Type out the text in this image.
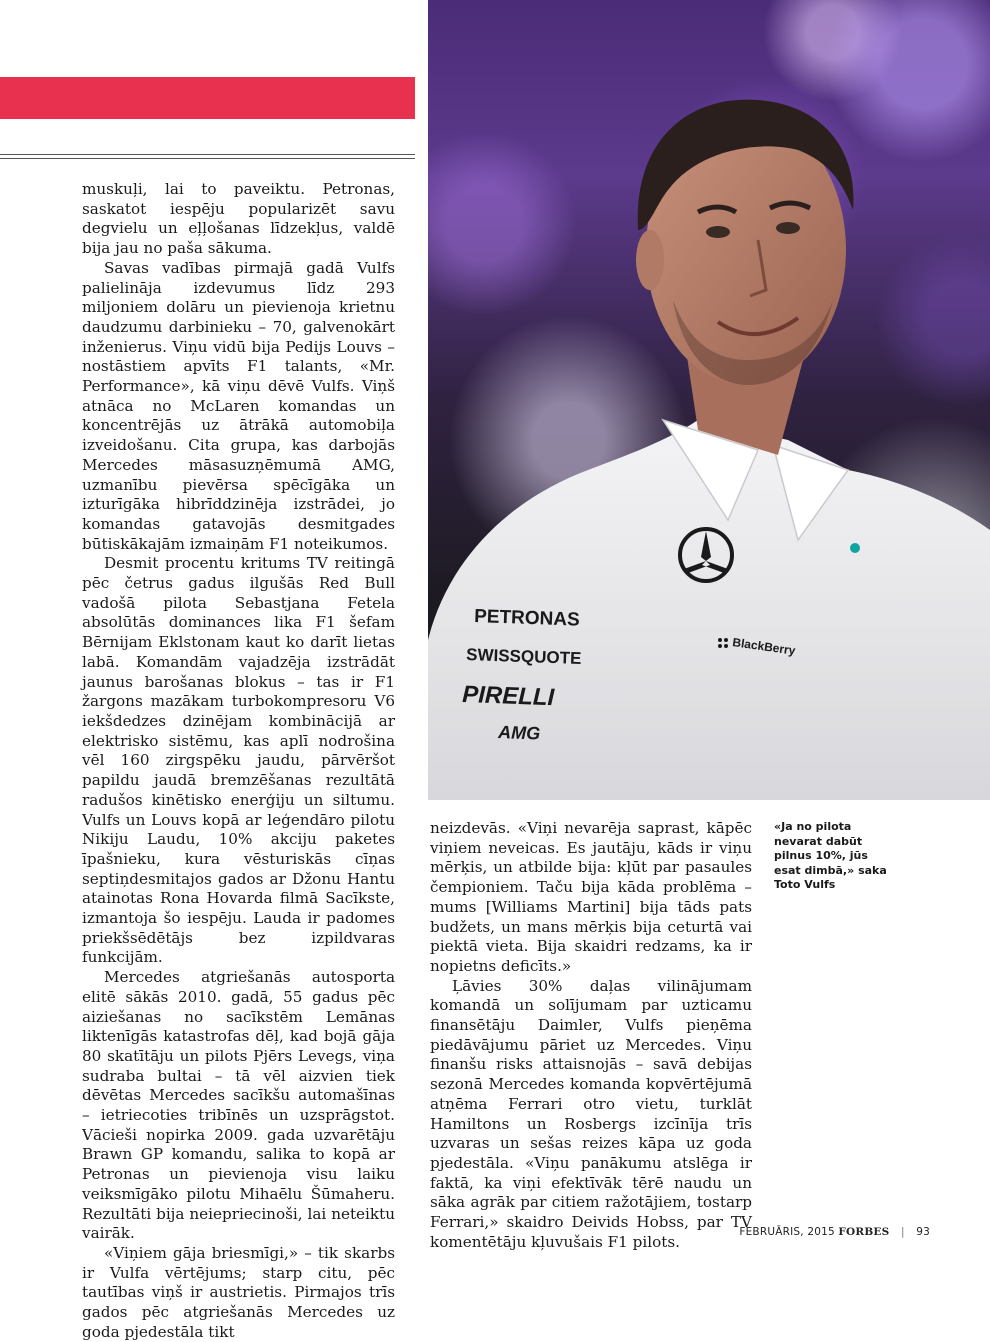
PETRONAS
SWISSQUOTE
PIRELLI
AMG
BlackBerry

muskuļi, lai to paveiktu. Petronas, saskatot iespēju popularizēt savu degvielu un eļļošanas līdzekļus, valdē bija jau no paša sākuma.

Savas vadības pirmajā gadā Vulfs palielināja izdevumus līdz 293 miljoniem dolāru un pievienoja krietnu daudzumu darbinieku – 70, galvenokārt inženierus. Viņu vidū bija Pedijs Louvs – nostāstiem apvīts F1 talants, «Mr. Performance», kā viņu dēvē Vulfs. Viņš atnāca no McLaren komandas un koncentrējās uz ātrākā automobiļa izveidošanu. Cita grupa, kas darbojās Mercedes māsasuzņēmumā AMG, uzmanību pievērsa spēcīgāka un izturīgāka hibrīddzinēja izstrādei, jo komandas gatavojās desmitgades būtiskākajām izmaiņām F1 noteikumos.

Desmit procentu kritums TV reitingā pēc četrus gadus ilgušās Red Bull vadošā pilota Sebastjana Fetela absolūtās dominances lika F1 šefam Bērnijam Eklstonam kaut ko darīt lietas labā. Komandām vajadzēja izstrādāt jaunus barošanas blokus – tas ir F1 žargons mazākam turbokompresoru V6 iekšdedzes dzinējam kombinācijā ar elektrisko sistēmu, kas aplī nodrošina vēl 160 zirgspēku jaudu, pārvēršot papildu jaudā bremzēšanas rezultātā radušos kinētisko enerģiju un siltumu. Vulfs un Louvs kopā ar leģendāro pilotu Nikiju Laudu, 10% akciju paketes īpašnieku, kura vēsturiskās cīņas septiņdesmitajos gados ar Džonu Hantu atainotas Rona Hovarda filmā Sacīkste, izmantoja šo iespēju. Lauda ir padomes priekšsēdētājs bez izpildvaras funkcijām.

Mercedes atgriešanās autosporta elitē sākās 2010. gadā, 55 gadus pēc aiziešanas no sacīkstēm Lemānas liktenīgās katastrofas dēļ, kad bojā gāja 80 skatītāju un pilots Pjērs Levegs, viņa sudraba bultai – tā vēl aizvien tiek dēvētas Mercedes sacīkšu automašīnas – ietriecoties tribīnēs un uzsprāgstot. Vācieši nopirka 2009. gada uzvarētāju Brawn GP komandu, salika to kopā ar Petronas un pievienoja visu laiku veiksmīgāko pilotu Mihaēlu Šūmaheru. Rezultāti bija neiepriecinoši, lai neteiktu vairāk.

«Viņiem gāja briesmīgi,» – tik skarbs ir Vulfa vērtējums; starp citu, pēc tautības viņš ir austrietis. Pirmajos trīs gados pēc atgriešanās Mercedes uz goda pjedestāla tikt

neizdevās. «Viņi nevarēja saprast, kāpēc viņiem neveicas. Es jautāju, kāds ir viņu mērķis, un atbilde bija: kļūt par pasaules čempioniem. Taču bija kāda problēma – mums [Williams Martini] bija tāds pats budžets, un mans mērķis bija ceturtā vai piektā vieta. Bija skaidri redzams, ka ir nopietns deficīts.»

Ļāvies 30% daļas vilinājumam komandā un solījumam par uzticamu finansētāju Daimler, Vulfs pieņēma piedāvājumu pāriet uz Mercedes. Viņu finanšu risks attaisnojās – savā debijas sezonā Mercedes komanda kopvērtējumā atņēma Ferrari otro vietu, turklāt Hamiltons un Rosbergs izcīnīja trīs uzvaras un sešas reizes kāpa uz goda pjedestāla. «Viņu panākumu atslēga ir faktā, ka viņi efektīvāk tērē naudu un sāka agrāk par citiem ražotājiem, tostarp Ferrari,» skaidro Deivids Hobss, par TV komentētāju kļuvušais F1 pilots.

«Ja no pilota nevarat dabūt pilnus 10%, jūs esat dimbā,» saka Toto Vulfs
FEBRUĀRIS, 2015 FORBES | 93
